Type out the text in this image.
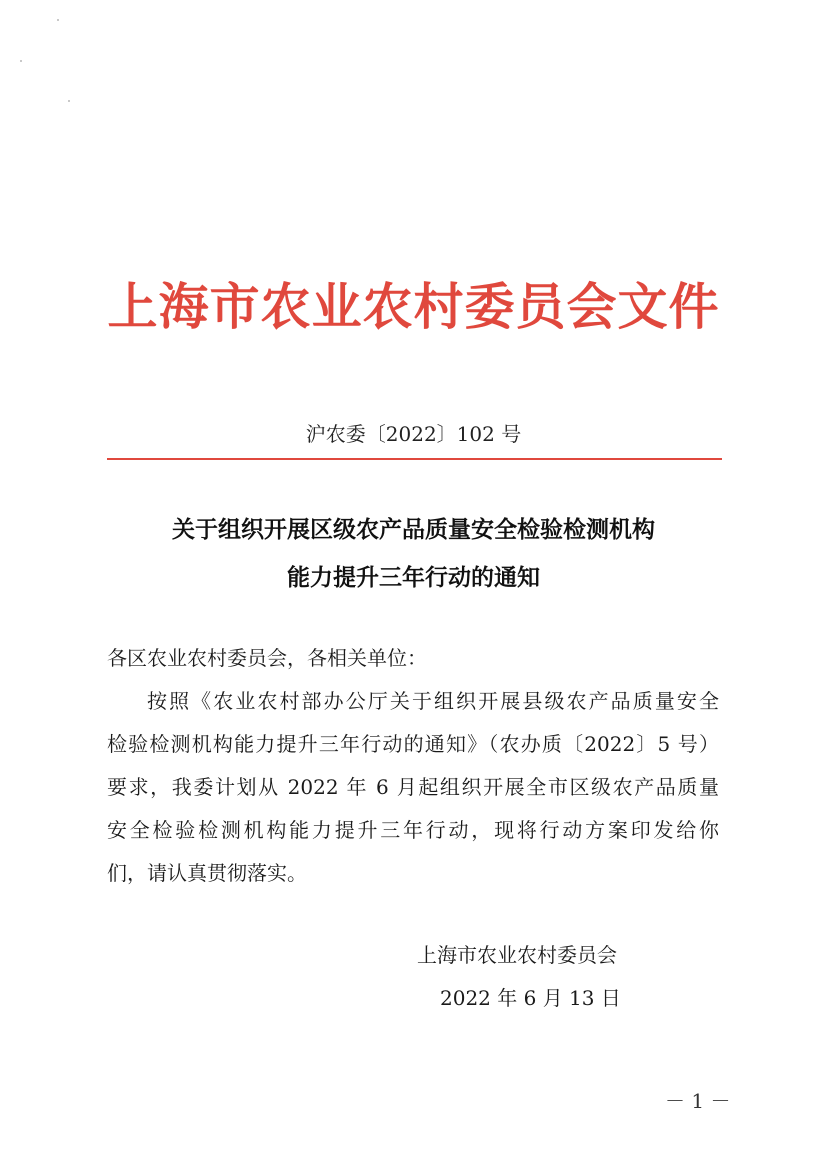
上海市农业农村委员会文件
沪农委〔2022〕102 号
关于组织开展区级农产品质量安全检验检测机构
能力提升三年行动的通知
各区农业农村委员会，各相关单位：
按照《农业农村部办公厅关于组织开展县级农产品质量安全
检验检测机构能力提升三年行动的通知》（农办质〔2022〕5 号）
要求，我委计划从 2022 年 6 月起组织开展全市区级农产品质量
安全检验检测机构能力提升三年行动，现将行动方案印发给你
们，请认真贯彻落实。
上海市农业农村委员会
2022 年 6 月 13 日
－ 1 －
